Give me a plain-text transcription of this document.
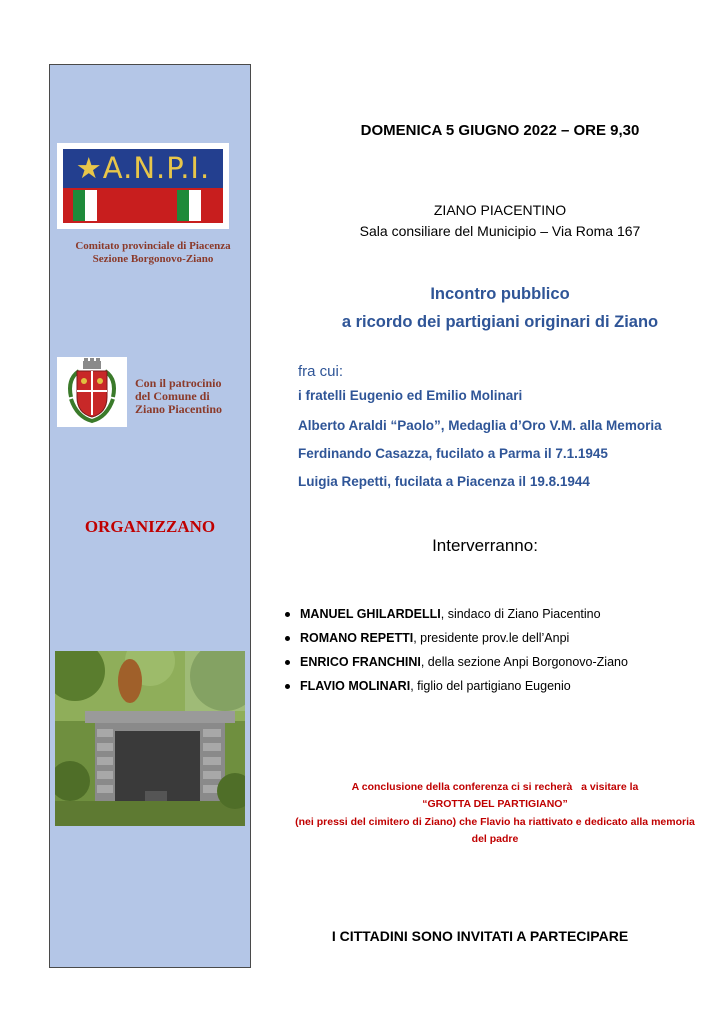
★A.N.P.I.
Comitato provinciale di Piacenza
Sezione Borgonovo-Ziano
Con il patrocinio
del Comune di
Ziano Piacentino
ORGANIZZANO
DOMENICA 5 GIUGNO 2022 – ORE 9,30
ZIANO PIACENTINO
Sala consiliare del Municipio – Via Roma 167
Incontro pubblico
a ricordo dei partigiani originari di Ziano
fra cui:
i fratelli Eugenio ed Emilio Molinari
Alberto Araldi “Paolo”, Medaglia d’Oro V.M. alla Memoria
Ferdinando Casazza, fucilato a Parma il 7.1.1945
Luigia Repetti, fucilata a Piacenza il 19.8.1944
Interverranno:
MANUEL GHILARDELLI, sindaco di Ziano Piacentino
ROMANO REPETTI, presidente prov.le dell’Anpi
ENRICO FRANCHINI, della sezione Anpi Borgonovo-Ziano
FLAVIO MOLINARI, figlio del partigiano Eugenio
A conclusione della conferenza ci si recherà   a visitare la
“GROTTA DEL PARTIGIANO”
(nei pressi del cimitero di Ziano) che Flavio ha riattivato e dedicato alla memoria
del padre
I CITTADINI SONO INVITATI A PARTECIPARE
